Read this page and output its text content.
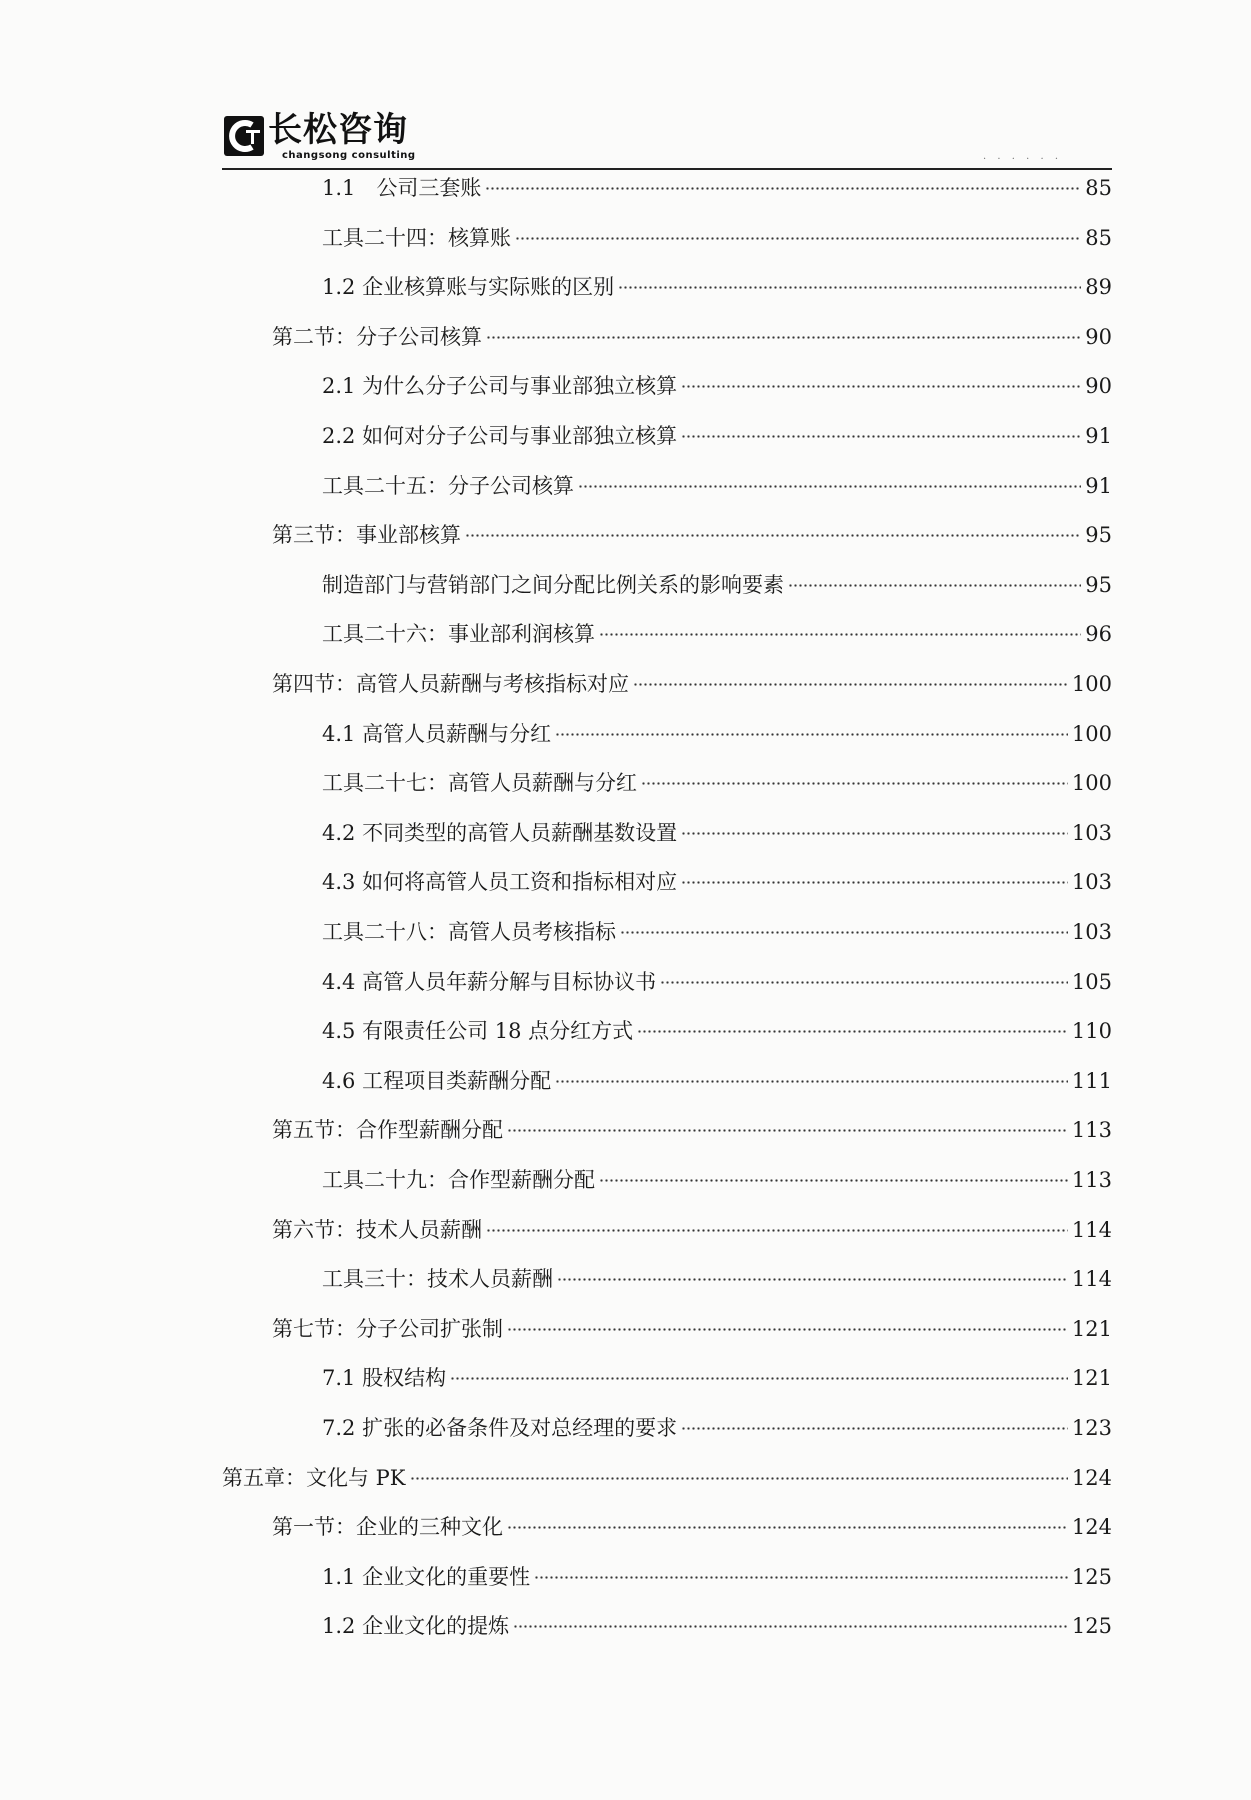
长松咨询
changsong consulting	· · · · · ·
1.1　公司三套账	85
工具二十四：核算账	85
1.2 企业核算账与实际账的区别	89
第二节：分子公司核算	90
2.1 为什么分子公司与事业部独立核算	90
2.2 如何对分子公司与事业部独立核算	91
工具二十五：分子公司核算	91
第三节：事业部核算	95
制造部门与营销部门之间分配比例关系的影响要素	95
工具二十六：事业部利润核算	96
第四节：高管人员薪酬与考核指标对应	100
4.1 高管人员薪酬与分红	100
工具二十七：高管人员薪酬与分红	100
4.2 不同类型的高管人员薪酬基数设置	103
4.3 如何将高管人员工资和指标相对应	103
工具二十八：高管人员考核指标	103
4.4 高管人员年薪分解与目标协议书	105
4.5 有限责任公司 18 点分红方式	110
4.6 工程项目类薪酬分配	111
第五节：合作型薪酬分配	113
工具二十九：合作型薪酬分配	113
第六节：技术人员薪酬	114
工具三十：技术人员薪酬	114
第七节：分子公司扩张制	121
7.1 股权结构	121
7.2 扩张的必备条件及对总经理的要求	123
第五章：文化与 PK	124
第一节：企业的三种文化	124
1.1 企业文化的重要性	125
1.2 企业文化的提炼	125
